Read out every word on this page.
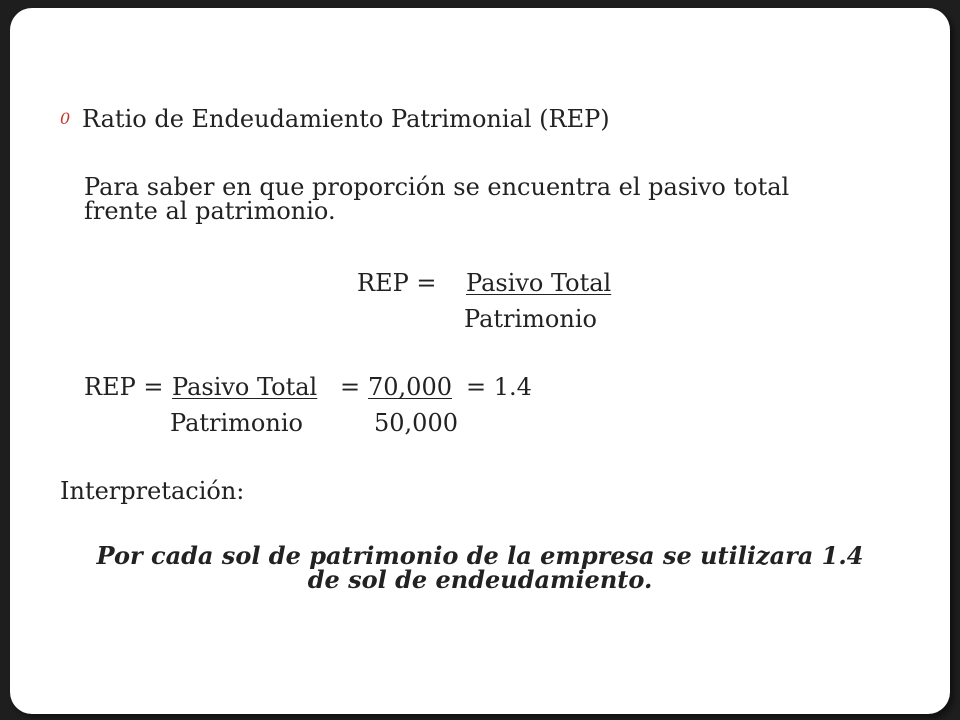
0 Ratio de Endeudamiento Patrimonial (REP)
Para saber en que proporción se encuentra el pasivo total
frente al patrimonio.
REP = Pasivo Total
Patrimonio
REP = Pasivo Total = 70,000 = 1.4
Patrimonio	50,000
Interpretación:
Por cada sol de patrimonio de la empresa se utilizara 1.4
de sol de endeudamiento.
